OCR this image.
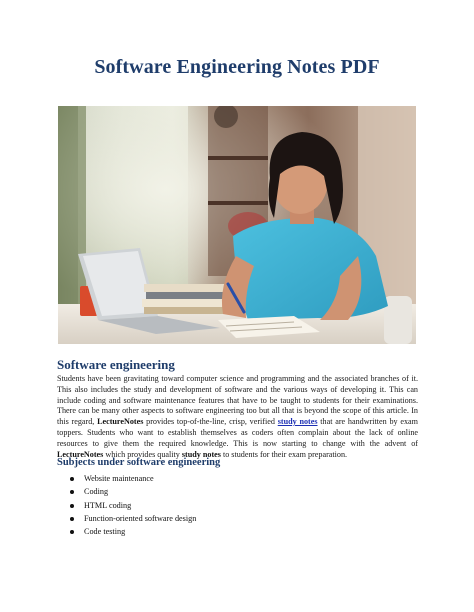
Software Engineering Notes PDF
Software engineering
Students have been gravitating toward computer science and programming and the associated branches of it. This also includes the study and development of software and the various ways of developing it. This can include coding and software maintenance features that have to be taught to students for their examinations. There can be many other aspects to software engineering too but all that is beyond the scope of this article. In this regard, LectureNotes provides top-of-the-line, crisp, verified study notes that are handwritten by exam toppers. Students who want to establish themselves as coders often complain about the lack of online resources to give them the required knowledge. This is now starting to change with the advent of LectureNotes which provides quality study notes to students for their exam preparation.
Subjects under software engineering
Website maintenance
Coding
HTML coding
Function-oriented software design
Code testing
